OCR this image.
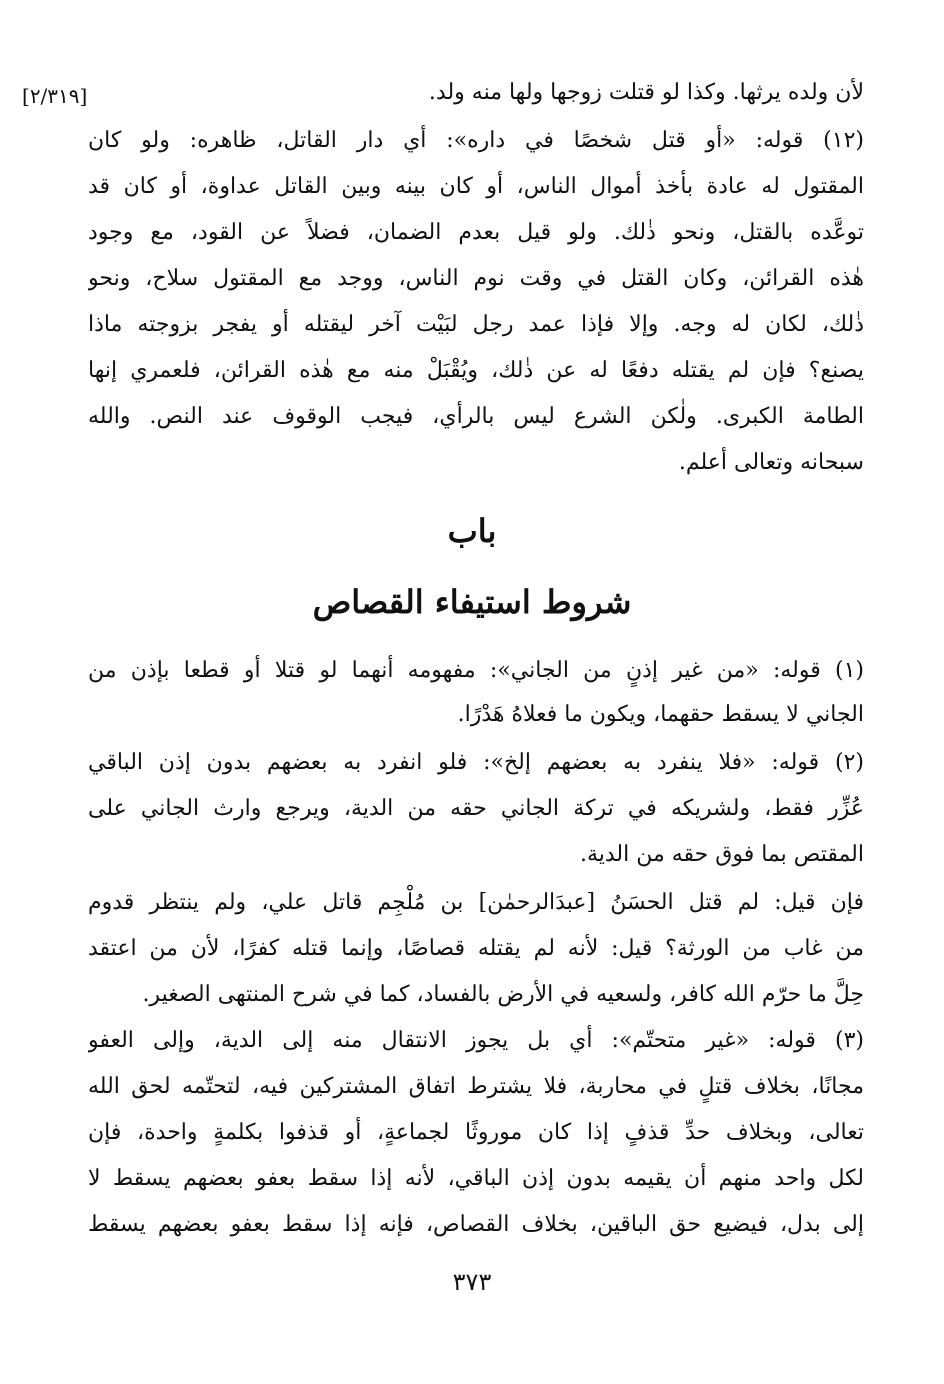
[٢/٣١٩]	لأن ولده يرثها. وكذا لو قتلت زوجها ولها منه ولد.
(١٢) قوله: «أو قتل شخصًا في داره»: أي دار القاتل، ظاهره: ولو كان
المقتول له عادة بأخذ أموال الناس، أو كان بينه وبين القاتل عداوة، أو كان قد
توعَّده بالقتل، ونحو ذٰلك. ولو قيل بعدم الضمان، فضلاً عن القود، مع وجود
هٰذه القرائن، وكان القتل في وقت نوم الناس، ووجد مع المقتول سلاح، ونحو
ذٰلك، لكان له وجه. وإلا فإذا عمد رجل لبَيْت آخر ليقتله أو يفجر بزوجته ماذا
يصنع؟ فإن لم يقتله دفعًا له عن ذٰلك، ويُقْبَلْ منه مع هٰذه القرائن، فلعمري إنها
الطامة الكبرى. ولٰكن الشرع ليس بالرأي، فيجب الوقوف عند النص. والله
سبحانه وتعالى أعلم.
باب
شروط استيفاء القصاص
(١) قوله: «من غير إذنٍ من الجاني»: مفهومه أنهما لو قتلا أو قطعا بإذن من
الجاني لا يسقط حقهما، ويكون ما فعلاهُ هَدْرًا.
(٢) قوله: «فلا ينفرد به بعضهم إلخ»: فلو انفرد به بعضهم بدون إذن الباقي
عُزِّر فقط، ولشريكه في تركة الجاني حقه من الدية، ويرجع وارث الجاني على
المقتص بما فوق حقه من الدية.
فإن قيل: لم قتل الحسَنُ [عبدَالرحمٰن] بن مُلْجِم قاتل علي، ولم ينتظر قدوم
من غاب من الورثة؟ قيل: لأنه لم يقتله قصاصًا، وإنما قتله كفرًا، لأن من اعتقد
حِلَّ ما حرّم الله كافر، ولسعيه في الأرض بالفساد، كما في شرح المنتهى الصغير.
(٣) قوله: «غير متحتّم»: أي بل يجوز الانتقال منه إلى الدية، وإلى العفو
مجانًا، بخلاف قتلٍ في محاربة، فلا يشترط اتفاق المشتركين فيه، لتحتّمه لحق الله
تعالى، وبخلاف حدِّ قذفٍ إذا كان موروثًا لجماعةٍ، أو قذفوا بكلمةٍ واحدة، فإن
لكل واحد منهم أن يقيمه بدون إذن الباقي، لأنه إذا سقط بعفو بعضهم يسقط لا
إلى بدل، فيضيع حق الباقين، بخلاف القصاص، فإنه إذا سقط بعفو بعضهم يسقط
٣٧٣
